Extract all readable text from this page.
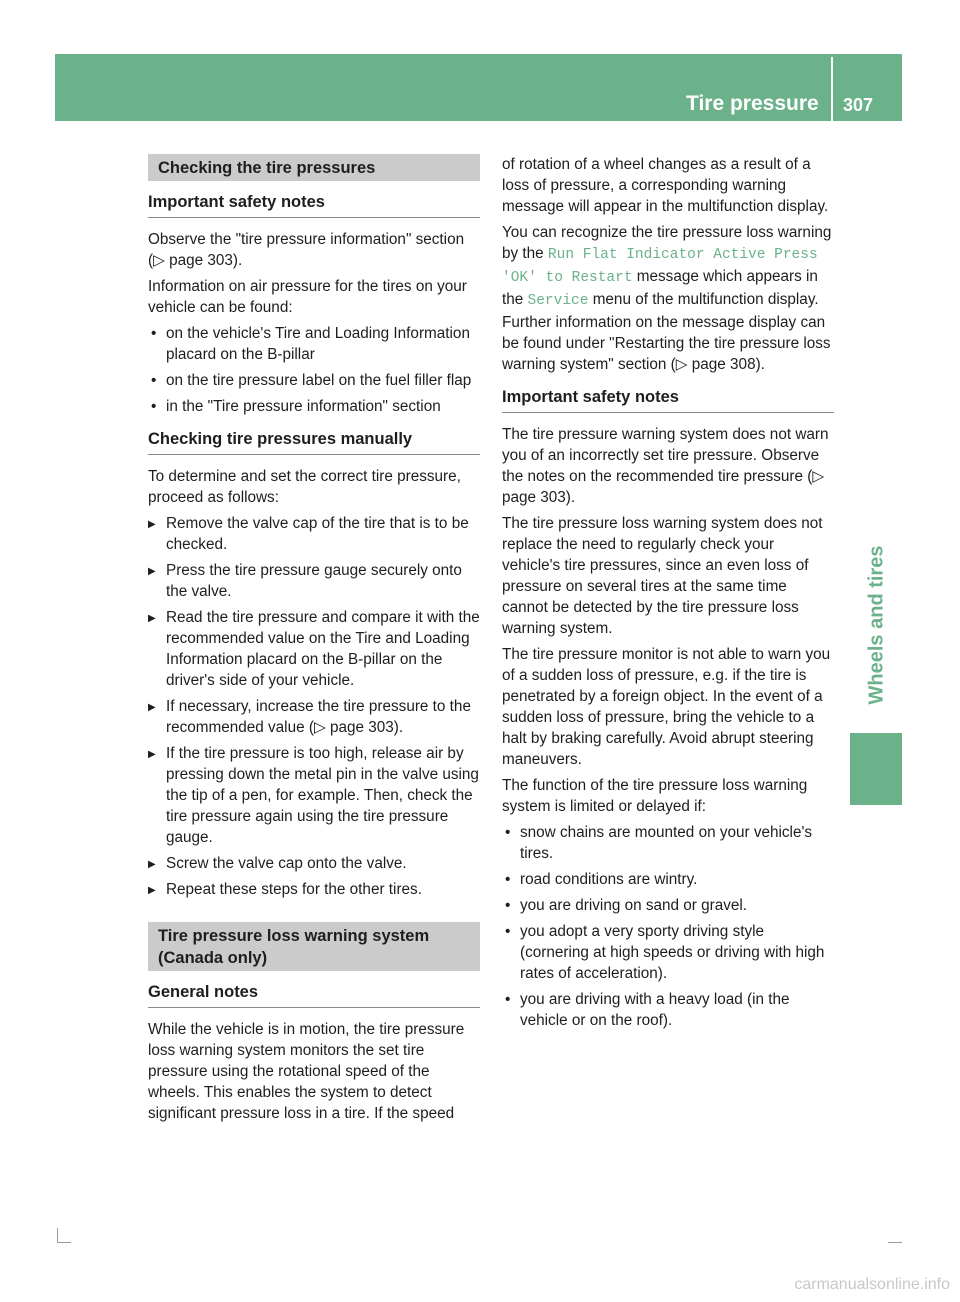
Tire pressure 307
Wheels and tires
Checking the tire pressures
Important safety notes

Observe the "tire pressure information" section (▷ page 303).

Information on air pressure for the tires on your vehicle can be found:

• on the vehicle's Tire and Loading Information placard on the B-pillar
• on the tire pressure label on the fuel filler flap
• in the "Tire pressure information" section
Checking tire pressures manually

To determine and set the correct tire pressure, proceed as follows:

▶ Remove the valve cap of the tire that is to be checked.
▶ Press the tire pressure gauge securely onto the valve.
▶ Read the tire pressure and compare it with the recommended value on the Tire and Loading Information placard on the B-pillar on the driver's side of your vehicle.
▶ If necessary, increase the tire pressure to the recommended value (▷ page 303).
▶ If the tire pressure is too high, release air by pressing down the metal pin in the valve using the tip of a pen, for example. Then, check the tire pressure again using the tire pressure gauge.
▶ Screw the valve cap onto the valve.
▶ Repeat these steps for the other tires.
Tire pressure loss warning system (Canada only)
General notes

While the vehicle is in motion, the tire pressure loss warning system monitors the set tire pressure using the rotational speed of the wheels. This enables the system to detect significant pressure loss in a tire. If the speed

of rotation of a wheel changes as a result of a loss of pressure, a corresponding warning message will appear in the multifunction display.

You can recognize the tire pressure loss warning by the Run Flat Indicator Active Press 'OK' to Restart message which appears in the Service menu of the multifunction display. Further information on the message display can be found under "Restarting the tire pressure loss warning system" section (▷ page 308).

Important safety notes

The tire pressure warning system does not warn you of an incorrectly set tire pressure. Observe the notes on the recommended tire pressure (▷ page 303).

The tire pressure loss warning system does not replace the need to regularly check your vehicle's tire pressures, since an even loss of pressure on several tires at the same time cannot be detected by the tire pressure loss warning system.

The tire pressure monitor is not able to warn you of a sudden loss of pressure, e.g. if the tire is penetrated by a foreign object. In the event of a sudden loss of pressure, bring the vehicle to a halt by braking carefully. Avoid abrupt steering maneuvers.

The function of the tire pressure loss warning system is limited or delayed if:

• snow chains are mounted on your vehicle's tires.
• road conditions are wintry.
• you are driving on sand or gravel.
• you adopt a very sporty driving style (cornering at high speeds or driving with high rates of acceleration).
• you are driving with a heavy load (in the vehicle or on the roof).
carmanualsonline.info
